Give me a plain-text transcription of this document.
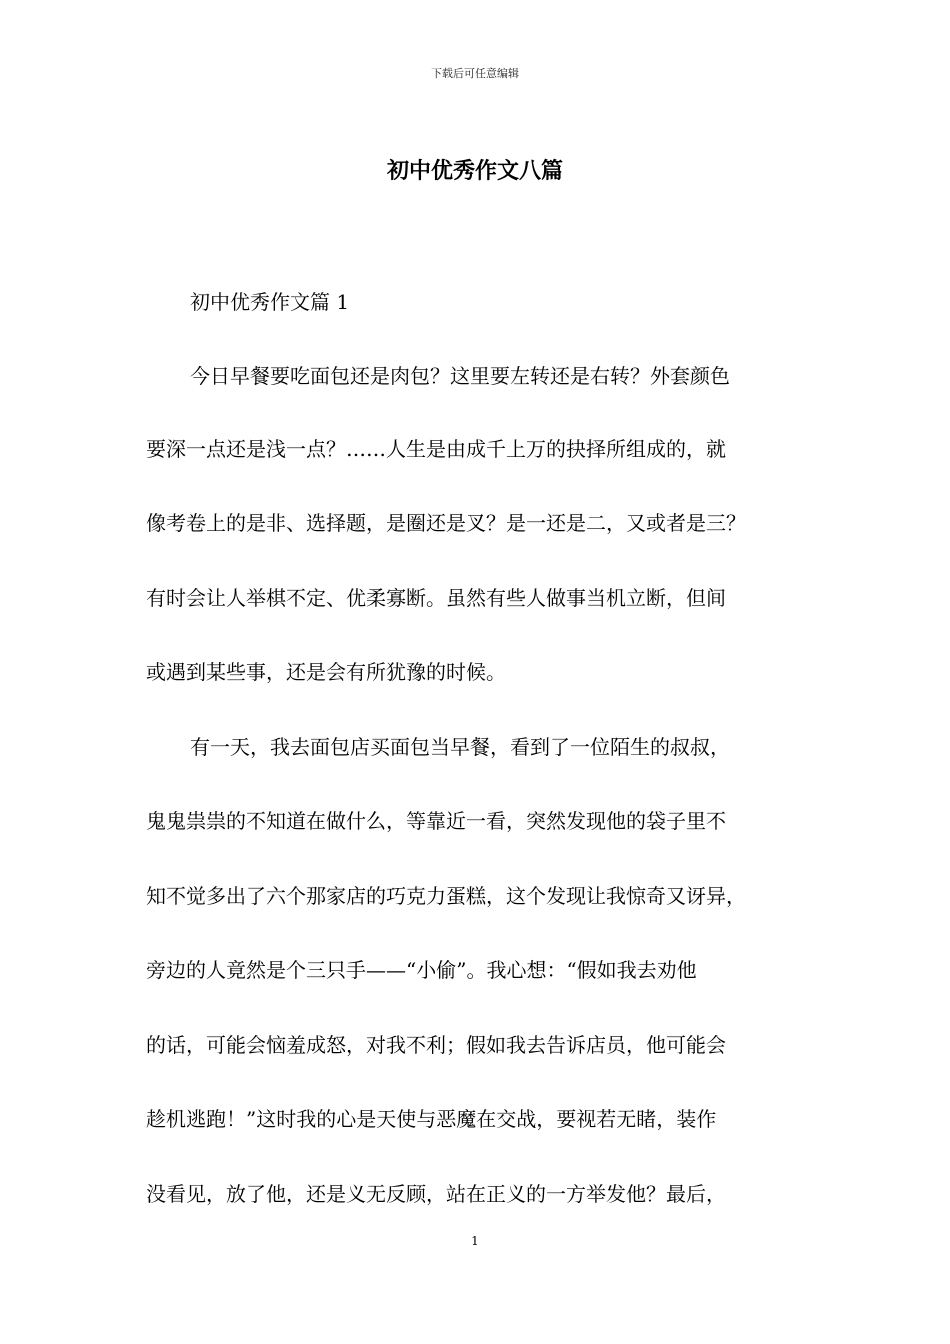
下载后可任意编辑
初中优秀作文八篇
初中优秀作文篇 1
今日早餐要吃面包还是肉包？这里要左转还是右转？外套颜色
要深一点还是浅一点？……人生是由成千上万的抉择所组成的，就
像考卷上的是非、选择题，是圈还是叉？是一还是二，又或者是三？
有时会让人举棋不定、优柔寡断。虽然有些人做事当机立断，但间
或遇到某些事，还是会有所犹豫的时候。
有一天，我去面包店买面包当早餐，看到了一位陌生的叔叔，
鬼鬼祟祟的不知道在做什么，等靠近一看，突然发现他的袋子里不
知不觉多出了六个那家店的巧克力蛋糕，这个发现让我惊奇又讶异，
旁边的人竟然是个三只手——“小偷”。我心想：“假如我去劝他
的话，可能会恼羞成怒，对我不利；假如我去告诉店员，他可能会
趁机逃跑！”这时我的心是天使与恶魔在交战，要视若无睹，装作
没看见，放了他，还是义无反顾，站在正义的一方举发他？最后，
1
